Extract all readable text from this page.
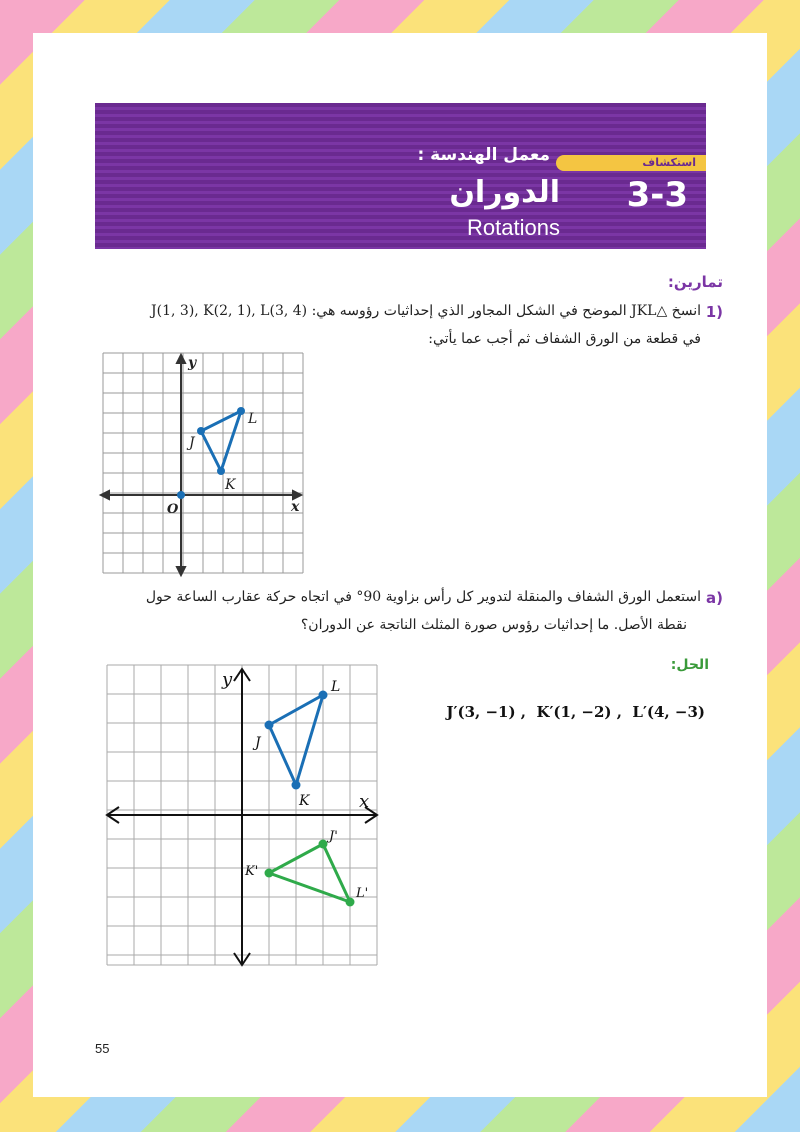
استكشاف
3-3
معمل الهندسة :
الدوران
Rotations
تمارين:
1)
انسخ △JKL الموضح في الشكل المجاور الذي إحداثيات رؤوسه هي: J(1, 3), K(2, 1), L(3, 4)
في قطعة من الورق الشفاف ثم أجب عما يأتي:
y
x
O
J
K
L
a)
استعمل الورق الشفاف والمنقلة لتدوير كل رأس بزاوية 90° في اتجاه حركة عقارب الساعة حول
نقطة الأصل. ما إحداثيات رؤوس صورة المثلث الناتجة عن الدوران؟
الحل:
J′(3, −1) ,  K′(1, −2) ,  L′(4, −3)
y
x
J
K
L
J'
K'
L'
55
